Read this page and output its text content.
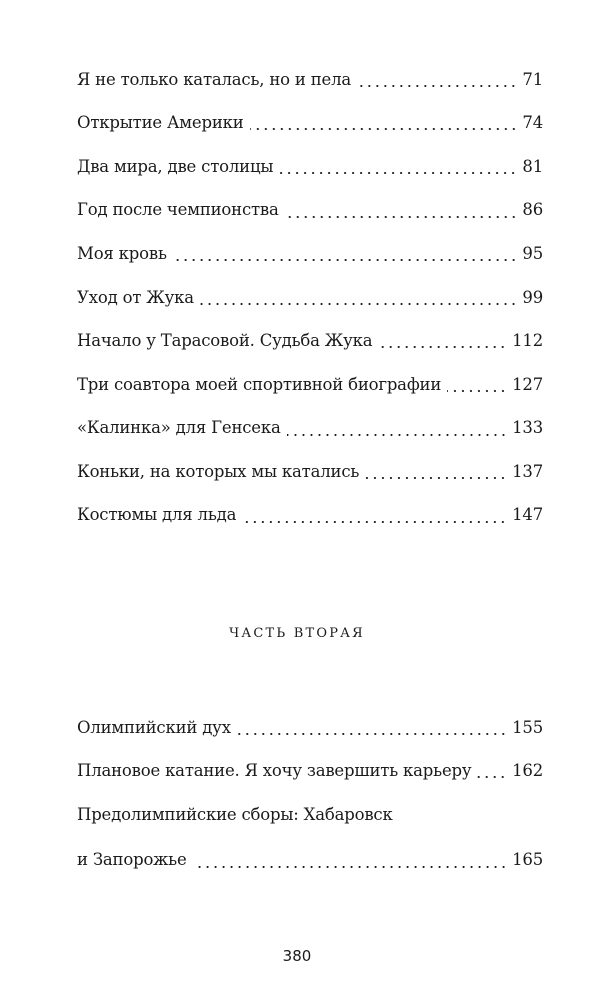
Я не только каталась, но и пела	71
Открытие Америки	74
Два мира, две столицы	81
Год после чемпионства	86
Моя кровь	95
Уход от Жука	99
Начало у Тарасовой. Судьба Жука	112
Три соавтора моей спортивной биографии	127
«Калинка» для Генсека	133
Коньки, на которых мы катались	137
Костюмы для льда	147
ЧАСТЬ ВТОРАЯ
Олимпийский дух	155
Плановое катание. Я хочу завершить карьеру 162
Предолимпийские сборы: Хабаровск
и Запорожье	165
380
